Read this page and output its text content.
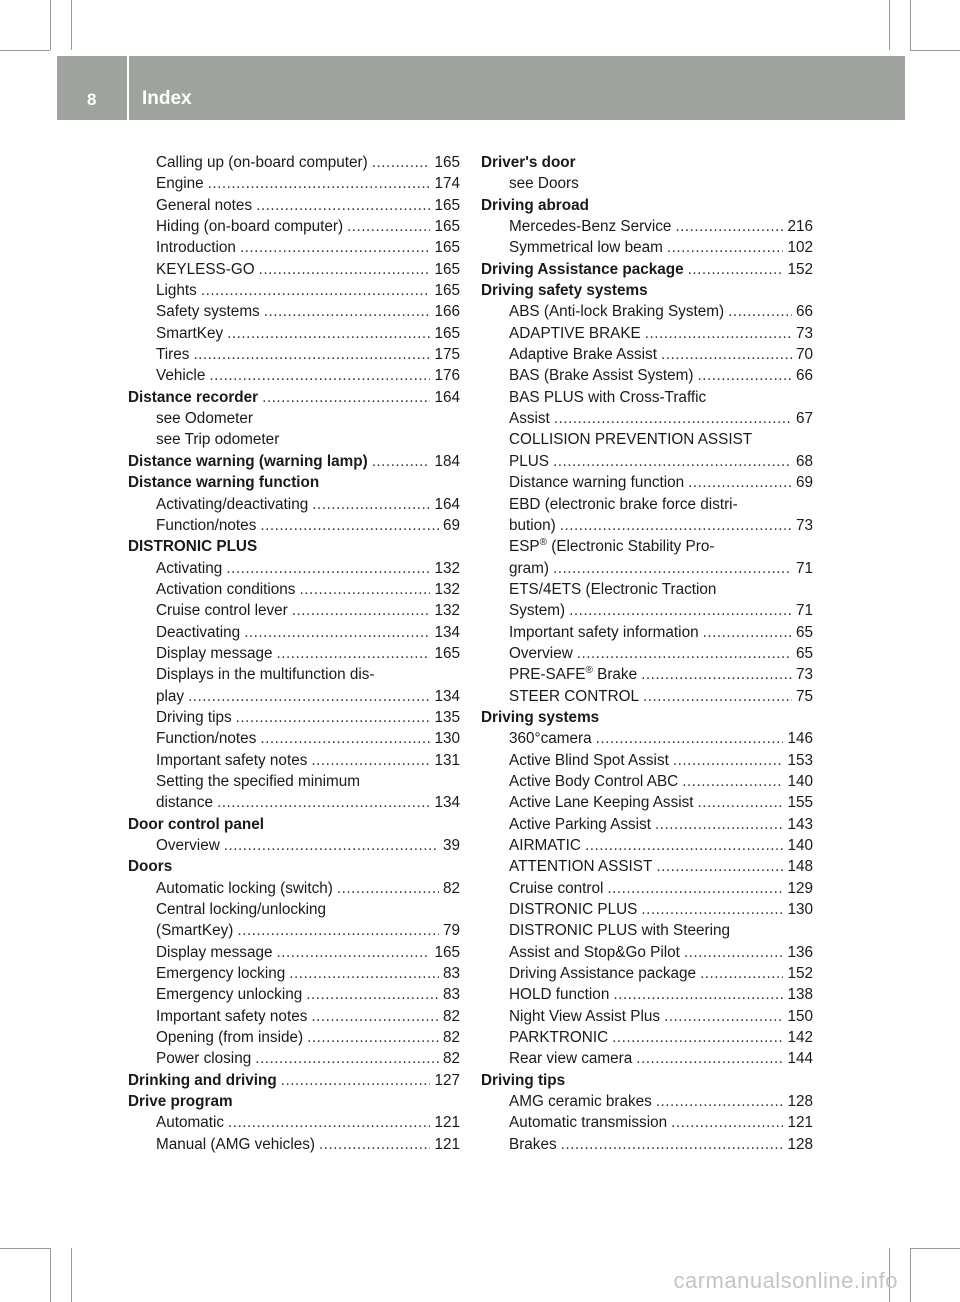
8 Index
Calling up (on-board computer) .....	165
Engine .....	174
General notes .....	165
Hiding (on-board computer) .....	165
Introduction .....	165
KEYLESS-GO .....	165
Lights .....	165
Safety systems .....	166
SmartKey .....	165
Tires .....	175
Vehicle .....	176
Distance recorder .....	164
see Odometer
see Trip odometer
Distance warning (warning lamp) .....	184
Distance warning function
Activating/deactivating .....	164
Function/notes .....	69
DISTRONIC PLUS
Activating .....	132
Activation conditions .....	132
Cruise control lever .....	132
Deactivating .....	134
Display message .....	165
Displays in the multifunction dis-
play .....	134
Driving tips .....	135
Function/notes .....	130
Important safety notes .....	131
Setting the specified minimum
distance .....	134
Door control panel
Overview .....	39
Doors
Automatic locking (switch) .....	82
Central locking/unlocking
(SmartKey) .....	79
Display message .....	165
Emergency locking .....	83
Emergency unlocking .....	83
Important safety notes .....	82
Opening (from inside) .....	82
Power closing .....	82
Drinking and driving .....	127
Drive program
Automatic .....	121
Manual (AMG vehicles) .....	121
Driver's door
see Doors
Driving abroad
Mercedes-Benz Service .....	216
Symmetrical low beam .....	102
Driving Assistance package .....	152
Driving safety systems
ABS (Anti-lock Braking System) .....	66
ADAPTIVE BRAKE .....	73
Adaptive Brake Assist .....	70
BAS (Brake Assist System) .....	66
BAS PLUS with Cross-Traffic
Assist .....	67
COLLISION PREVENTION ASSIST
PLUS .....	68
Distance warning function .....	69
EBD (electronic brake force distri-
bution) .....	73
ESP® (Electronic Stability Pro-
gram) .....	71
ETS/4ETS (Electronic Traction
System) .....	71
Important safety information .....	65
Overview .....	65
PRE-SAFE® Brake .....	73
STEER CONTROL .....	75
Driving systems
360°camera .....	146
Active Blind Spot Assist .....	153
Active Body Control ABC .....	140
Active Lane Keeping Assist .....	155
Active Parking Assist .....	143
AIRMATIC .....	140
ATTENTION ASSIST .....	148
Cruise control .....	129
DISTRONIC PLUS .....	130
DISTRONIC PLUS with Steering
Assist and Stop&Go Pilot .....	136
Driving Assistance package .....	152
HOLD function .....	138
Night View Assist Plus .....	150
PARKTRONIC .....	142
Rear view camera .....	144
Driving tips
AMG ceramic brakes .....	128
Automatic transmission .....	121
Brakes .....	128
carmanualsonline.info
